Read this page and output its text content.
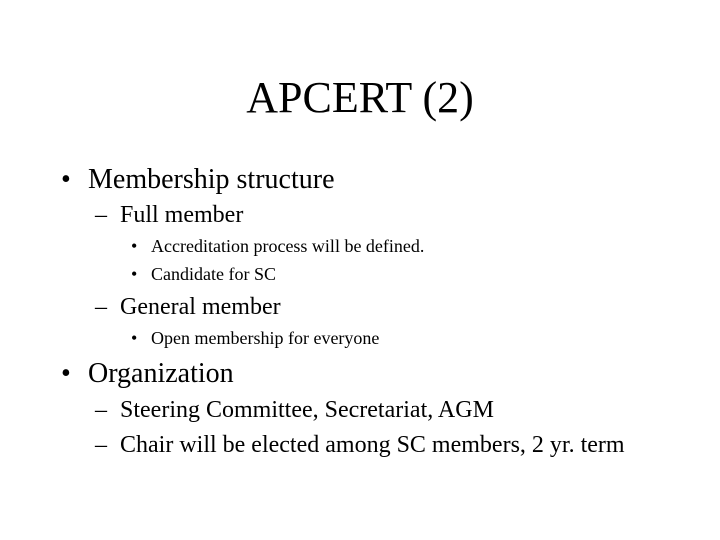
APCERT (2)
• Membership structure
– Full member
• Accreditation process will be defined.
• Candidate for SC
– General member
• Open membership for everyone
• Organization
– Steering Committee, Secretariat, AGM
– Chair will be elected among SC members, 2 yr. term
